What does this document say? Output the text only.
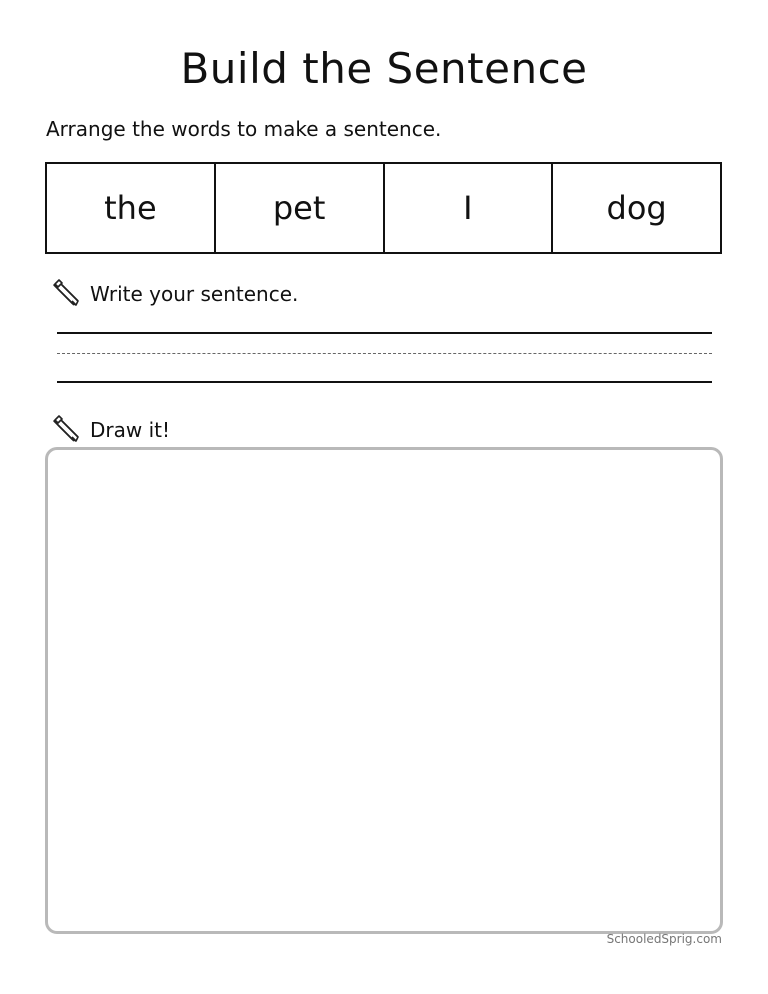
Build the Sentence
Arrange the words to make a sentence.
the	pet	I	dog
Write your sentence.
Draw it!
SchooledSprig.com
